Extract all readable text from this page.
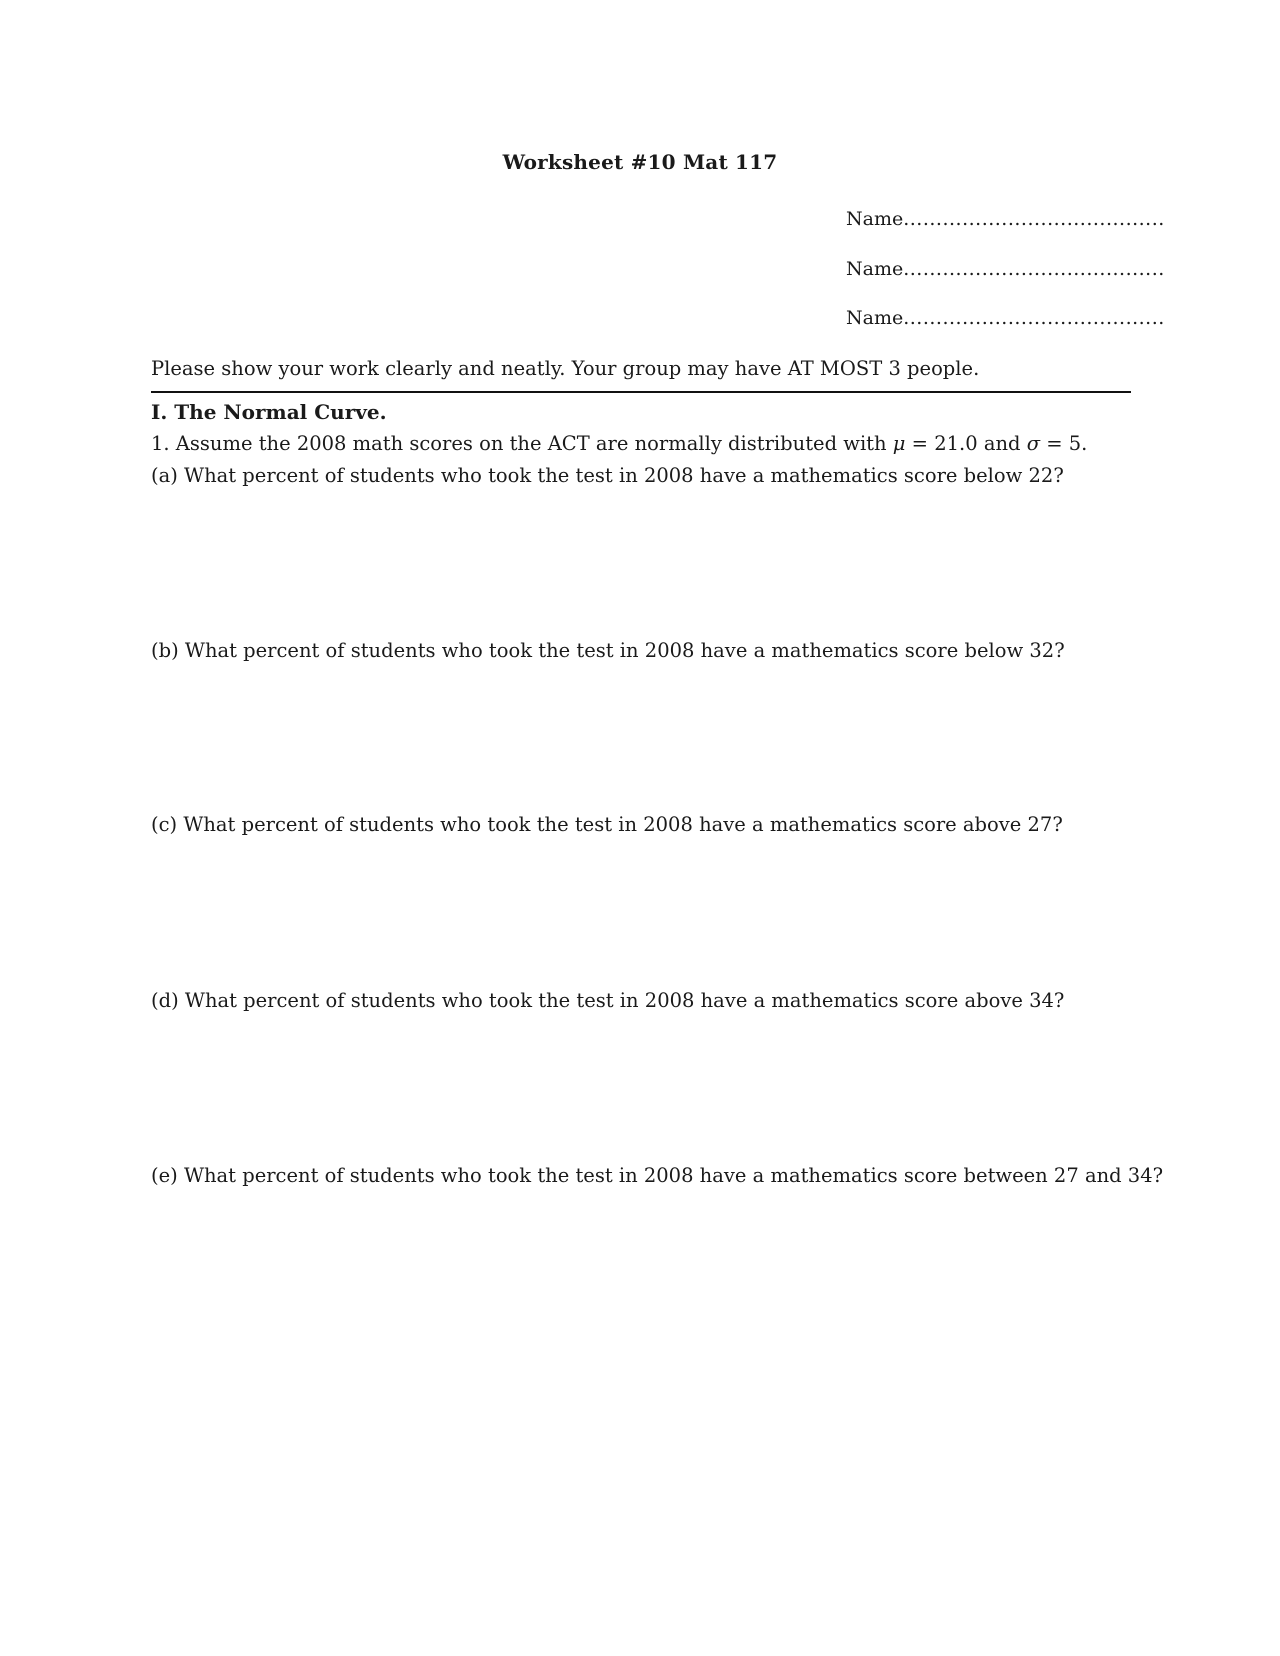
Worksheet #10 Mat 117
Name........................................
Name........................................
Name........................................
Please show your work clearly and neatly. Your group may have AT MOST 3 people.
I. The Normal Curve.
1. Assume the 2008 math scores on the ACT are normally distributed with μ = 21.0 and σ = 5.
(a) What percent of students who took the test in 2008 have a mathematics score below 22?
(b) What percent of students who took the test in 2008 have a mathematics score below 32?
(c) What percent of students who took the test in 2008 have a mathematics score above 27?
(d) What percent of students who took the test in 2008 have a mathematics score above 34?
(e) What percent of students who took the test in 2008 have a mathematics score between 27 and 34?
